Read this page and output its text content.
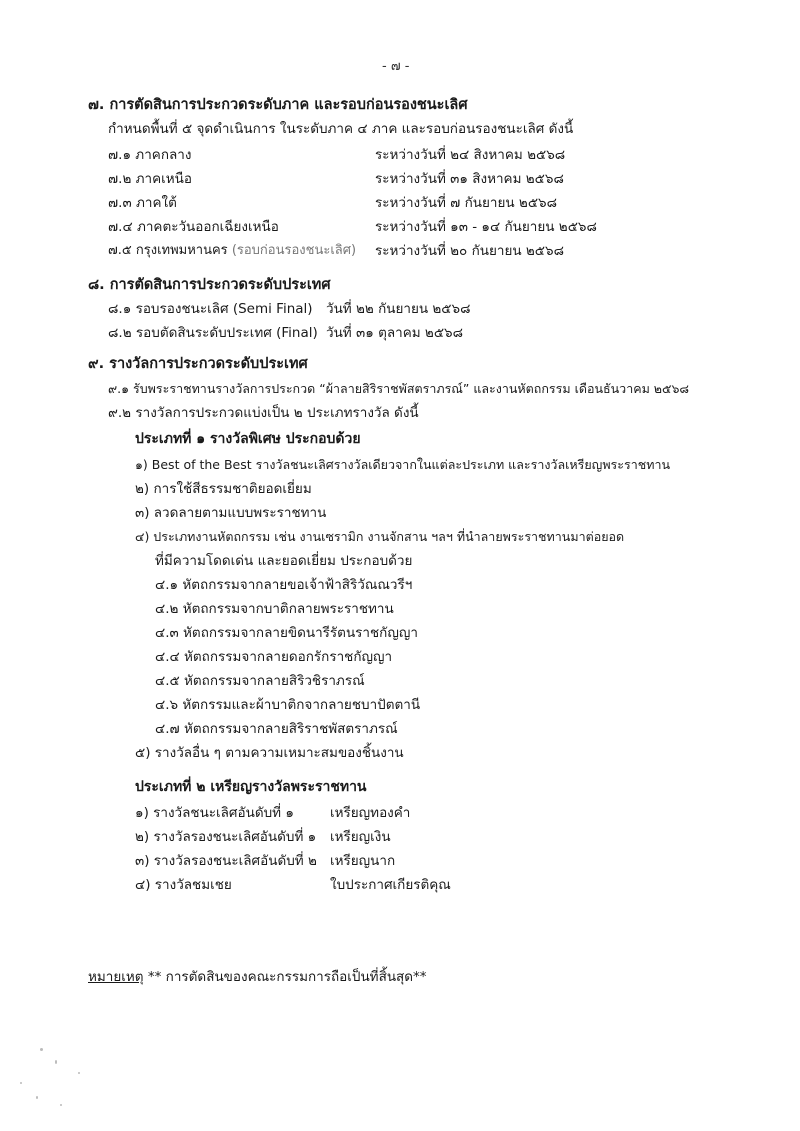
- ๗ -
๗. การตัดสินการประกวดระดับภาค และรอบก่อนรองชนะเลิศ
กำหนดพื้นที่ ๕ จุดดำเนินการ ในระดับภาค ๔ ภาค และรอบก่อนรองชนะเลิศ ดังนี้
๗.๑ ภาคกลาง	ระหว่างวันที่ ๒๔ สิงหาคม ๒๕๖๘
๗.๒ ภาคเหนือ	ระหว่างวันที่ ๓๑ สิงหาคม ๒๕๖๘
๗.๓ ภาคใต้	ระหว่างวันที่ ๗ กันยายน ๒๕๖๘
๗.๔ ภาคตะวันออกเฉียงเหนือ	ระหว่างวันที่ ๑๓ - ๑๔ กันยายน ๒๕๖๘
๗.๕ กรุงเทพมหานคร (รอบก่อนรองชนะเลิศ) ระหว่างวันที่ ๒๐ กันยายน ๒๕๖๘
๘. การตัดสินการประกวดระดับประเทศ
๘.๑ รอบรองชนะเลิศ (Semi Final) วันที่ ๒๒ กันยายน ๒๕๖๘
๘.๒ รอบตัดสินระดับประเทศ (Final) วันที่ ๓๑ ตุลาคม ๒๕๖๘
๙. รางวัลการประกวดระดับประเทศ
๙.๑ รับพระราชทานรางวัลการประกวด “ผ้าลายสิริราชพัสตราภรณ์” และงานหัตถกรรม เดือนธันวาคม ๒๕๖๘
๙.๒ รางวัลการประกวดแบ่งเป็น ๒ ประเภทรางวัล ดังนี้
ประเภทที่ ๑ รางวัลพิเศษ ประกอบด้วย
๑) Best of the Best รางวัลชนะเลิศรางวัลเดียวจากในแต่ละประเภท และรางวัลเหรียญพระราชทาน
๒) การใช้สีธรรมชาติยอดเยี่ยม
๓) ลวดลายตามแบบพระราชทาน
๔) ประเภทงานหัตถกรรม เช่น งานเซรามิก งานจักสาน ฯลฯ ที่นำลายพระราชทานมาต่อยอด
ที่มีความโดดเด่น และยอดเยี่ยม ประกอบด้วย
๔.๑ หัตถกรรมจากลายขอเจ้าฟ้าสิริวัณณวรีฯ
๔.๒ หัตถกรรมจากบาติกลายพระราชทาน
๔.๓ หัตถกรรมจากลายขิดนารีรัตนราชกัญญา
๔.๔ หัตถกรรมจากลายดอกรักราชกัญญา
๔.๕ หัตถกรรมจากลายสิริวชิราภรณ์
๔.๖ หัตกรรมและผ้าบาติกจากลายชบาปัตตานี
๔.๗ หัตถกรรมจากลายสิริราชพัสตราภรณ์
๕) รางวัลอื่น ๆ ตามความเหมาะสมของชิ้นงาน
ประเภทที่ ๒ เหรียญรางวัลพระราชทาน
๑) รางวัลชนะเลิศอันดับที่ ๑	เหรียญทองคำ
๒) รางวัลรองชนะเลิศอันดับที่ ๑ เหรียญเงิน
๓) รางวัลรองชนะเลิศอันดับที่ ๒ เหรียญนาก
๔) รางวัลชมเชย	ใบประกาศเกียรติคุณ
หมายเหตุ ** การตัดสินของคณะกรรมการถือเป็นที่สิ้นสุด**
